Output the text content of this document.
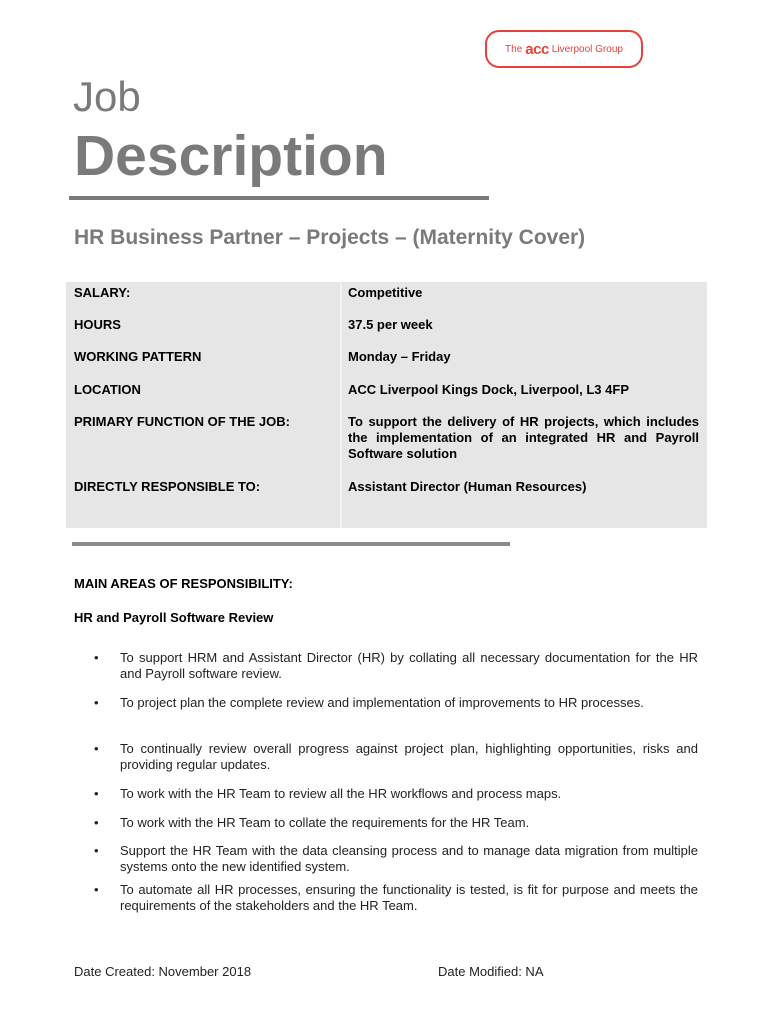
The acc Liverpool Group
Job
Description
HR Business Partner – Projects – (Maternity Cover)
SALARY:	Competitive
HOURS	37.5 per week
WORKING PATTERN	Monday – Friday
LOCATION	ACC Liverpool Kings Dock, Liverpool, L3 4FP
PRIMARY FUNCTION OF THE JOB:	To support the delivery of HR projects, which includes the implementation of an integrated HR and Payroll Software solution
DIRECTLY RESPONSIBLE TO:	Assistant Director (Human Resources)
MAIN AREAS OF RESPONSIBILITY:
HR and Payroll Software Review
• To support HRM and Assistant Director (HR) by collating all necessary documentation for the HR and Payroll software review.
• To project plan the complete review and implementation of improvements to HR processes.
• To continually review overall progress against project plan, highlighting opportunities, risks and providing regular updates.
• To work with the HR Team to review all the HR workflows and process maps.
• To work with the HR Team to collate the requirements for the HR Team.
• Support the HR Team with the data cleansing process and to manage data migration from multiple systems onto the new identified system.
• To automate all HR processes, ensuring the functionality is tested, is fit for purpose and meets the requirements of the stakeholders and the HR Team.
Date Created: November 2018	Date Modified: NA
